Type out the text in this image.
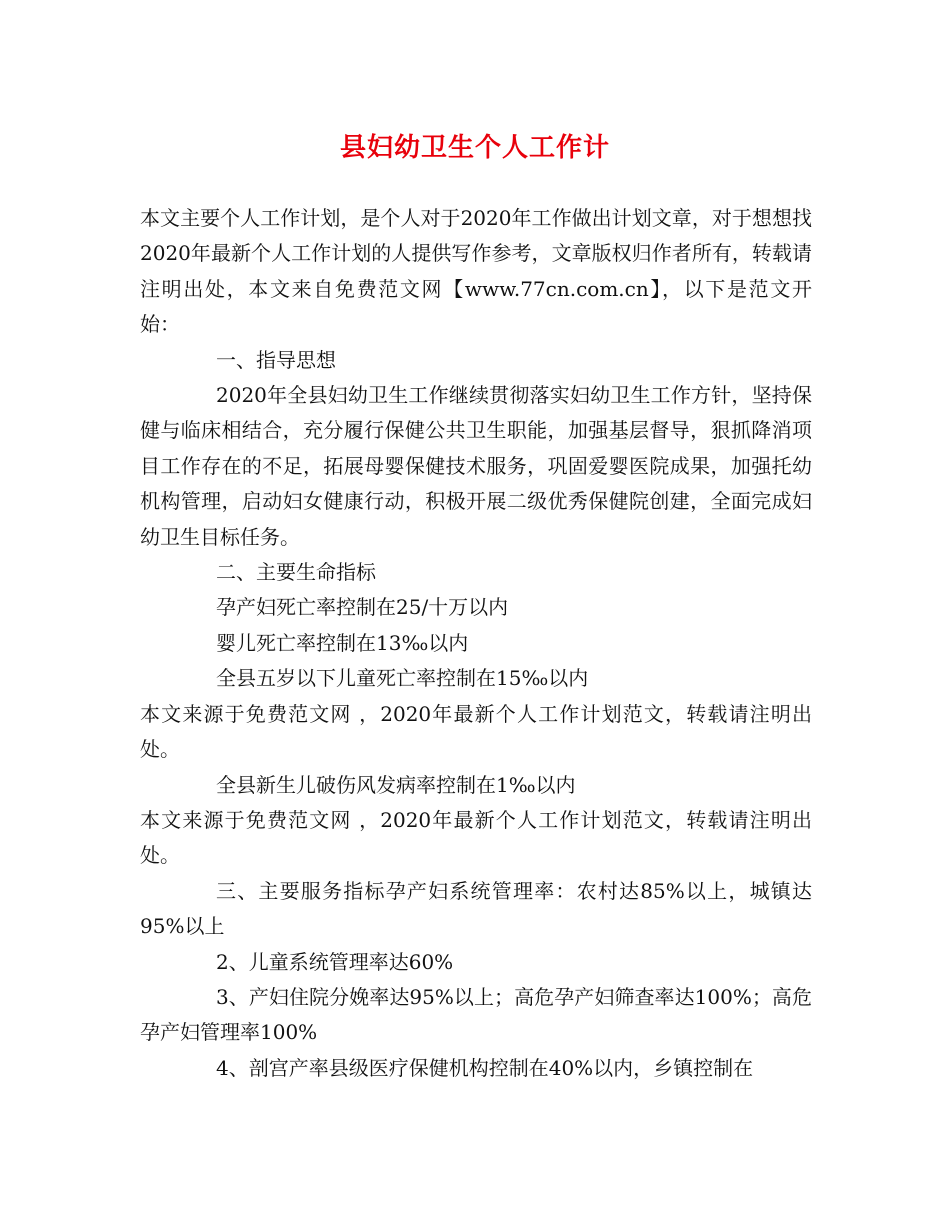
县妇幼卫生个人工作计

本文主要个人工作计划，是个人对于2020年工作做出计划文章，对于想想找2020年最新个人工作计划的人提供写作参考，文章版权归作者所有，转载请注明出处，本文来自免费范文网【www.77cn.com.cn】，以下是范文开始：

一、指导思想

2020年全县妇幼卫生工作继续贯彻落实妇幼卫生工作方针，坚持保健与临床相结合，充分履行保健公共卫生职能，加强基层督导，狠抓降消项目工作存在的不足，拓展母婴保健技术服务，巩固爱婴医院成果，加强托幼机构管理，启动妇女健康行动，积极开展二级优秀保健院创建，全面完成妇幼卫生目标任务。

二、主要生命指标

孕产妇死亡率控制在25/十万以内

婴儿死亡率控制在13‰以内

全县五岁以下儿童死亡率控制在15‰以内

本文来源于免费范文网 ，2020年最新个人工作计划范文，转载请注明出处。

全县新生儿破伤风发病率控制在1‰以内

本文来源于免费范文网 ，2020年最新个人工作计划范文，转载请注明出处。

三、主要服务指标孕产妇系统管理率：农村达85%以上，城镇达95%以上

2、儿童系统管理率达60%

3、产妇住院分娩率达95%以上；高危孕产妇筛查率达100%；高危孕产妇管理率100%

4、剖宫产率县级医疗保健机构控制在40%以内，乡镇控制在
